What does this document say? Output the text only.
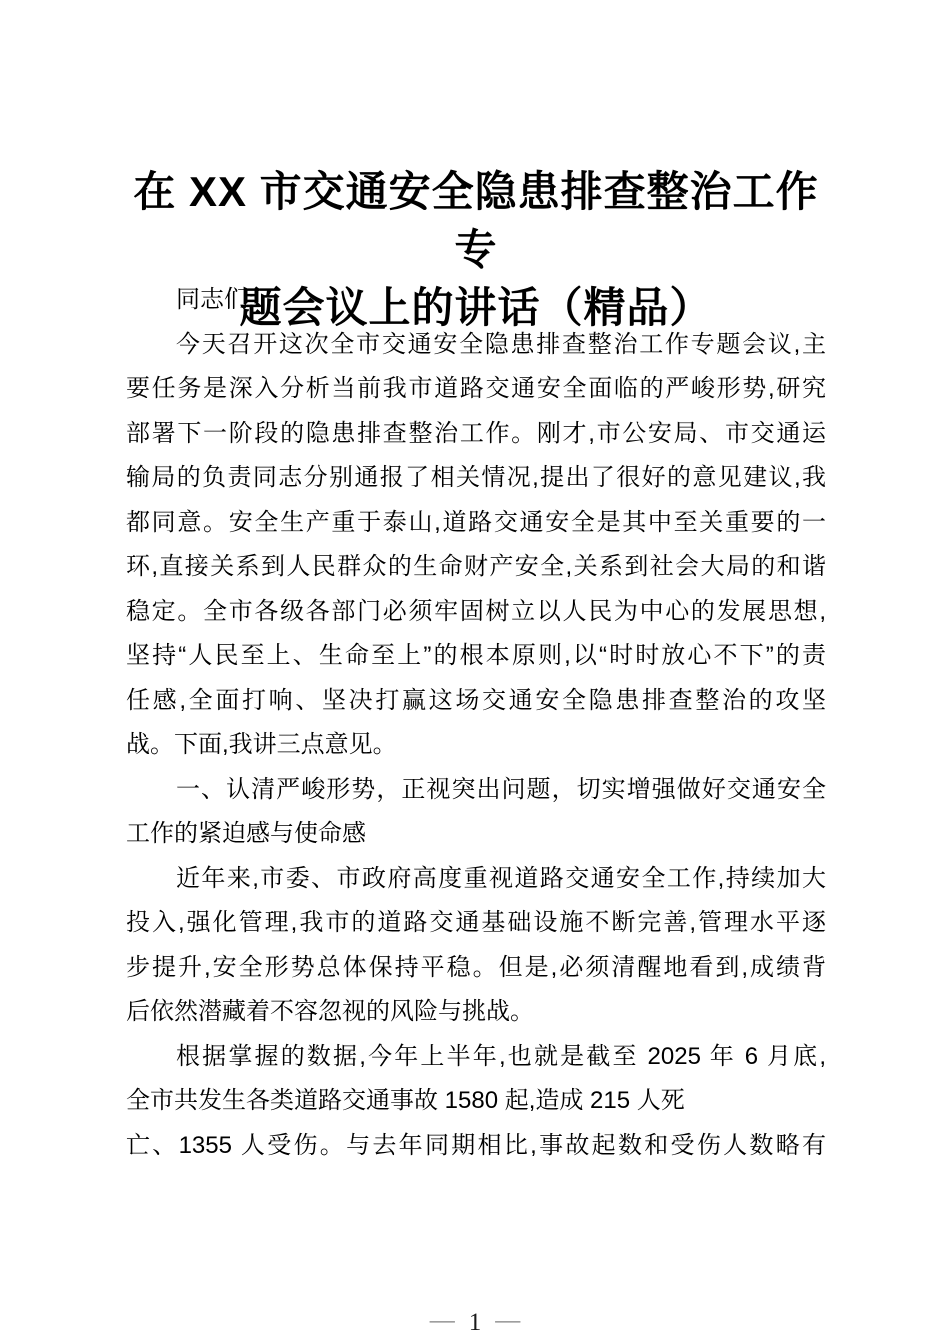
在 XX 市交通安全隐患排查整治工作专
题会议上的讲话（精品）
同志们:
今天召开这次全市交通安全隐患排查整治工作专题会议,主
要任务是深入分析当前我市道路交通安全面临的严峻形势,研究
部署下一阶段的隐患排查整治工作。刚才,市公安局、市交通运
输局的负责同志分别通报了相关情况,提出了很好的意见建议,我
都同意。安全生产重于泰山,道路交通安全是其中至关重要的一
环,直接关系到人民群众的生命财产安全,关系到社会大局的和谐
稳定。全市各级各部门必须牢固树立以人民为中心的发展思想,
坚持“人民至上、生命至上”的根本原则,以“时时放心不下”的责
任感,全面打响、坚决打赢这场交通安全隐患排查整治的攻坚
战。下面,我讲三点意见。
一、认清严峻形势，正视突出问题，切实增强做好交通安全
工作的紧迫感与使命感
近年来,市委、市政府高度重视道路交通安全工作,持续加大
投入,强化管理,我市的道路交通基础设施不断完善,管理水平逐
步提升,安全形势总体保持平稳。但是,必须清醒地看到,成绩背
后依然潜藏着不容忽视的风险与挑战。
根据掌握的数据,今年上半年,也就是截至 2025 年 6 月底,
全市共发生各类道路交通事故 1580 起,造成 215 人死
亡、1355 人受伤。与去年同期相比,事故起数和受伤人数略有
— 1 —
